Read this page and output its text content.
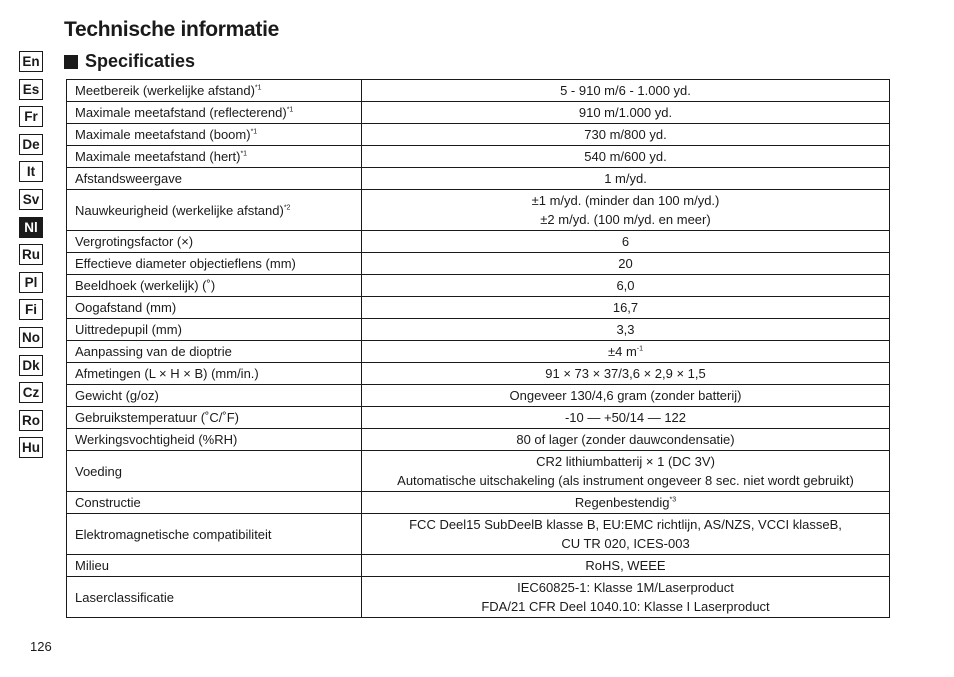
Technische informatie
Specificaties
En
Es
Fr
De
It
Sv
Nl
Ru
Pl
Fi
No
Dk
Cz
Ro
Hu
Meetbereik (werkelijke afstand)$^{*1}$	5 - 910 m/6 - 1.000 yd.

Maximale meetafstand (reflecterend)$^{*1}$	910 m/1.000 yd.

Maximale meetafstand (boom)$^{*1}$	730 m/800 yd.

Maximale meetafstand (hert)$^{*1}$	540 m/600 yd.

Afstandsweergave	1 m/yd.

Nauwkeurigheid (werkelijke afstand)$^{*2}$	±1 m/yd. (minder dan 100 m/yd.)
±2 m/yd. (100 m/yd. en meer)

Vergrotingsfactor (×)	6

Effectieve diameter objectieflens (mm)	20

Beeldhoek (werkelijk) (˚)	6,0

Oogafstand (mm)	16,7

Uittredepupil (mm)	3,3

Aanpassing van de dioptrie	±4 $m^{-1}$

Afmetingen (L × H × B) (mm/in.)	91 × 73 × 37/3,6 × 2,9 × 1,5

Gewicht (g/oz)	Ongeveer 130/4,6 gram (zonder batterij)

Gebruikstemperatuur (˚C/˚F)	-10 — +50/14 — 122

Werkingsvochtigheid (%RH)	80 of lager (zonder dauwcondensatie)

Voeding	CR2 lithiumbatterij × 1 (DC 3V)
Automatische uitschakeling (als instrument ongeveer 8 sec. niet wordt gebruikt)

Constructie	Regenbestendig$^{*3}$

Elektromagnetische compatibiliteit	FCC Deel15 SubDeelB klasse B, EU:EMC richtlijn, AS/NZS, VCCI klasseB,
CU TR 020, ICES-003

Milieu	RoHS, WEEE

Laserclassificatie	IEC60825-1: Klasse 1M/Laserproduct
FDA/21 CFR Deel 1040.10: Klasse I Laserproduct
126
